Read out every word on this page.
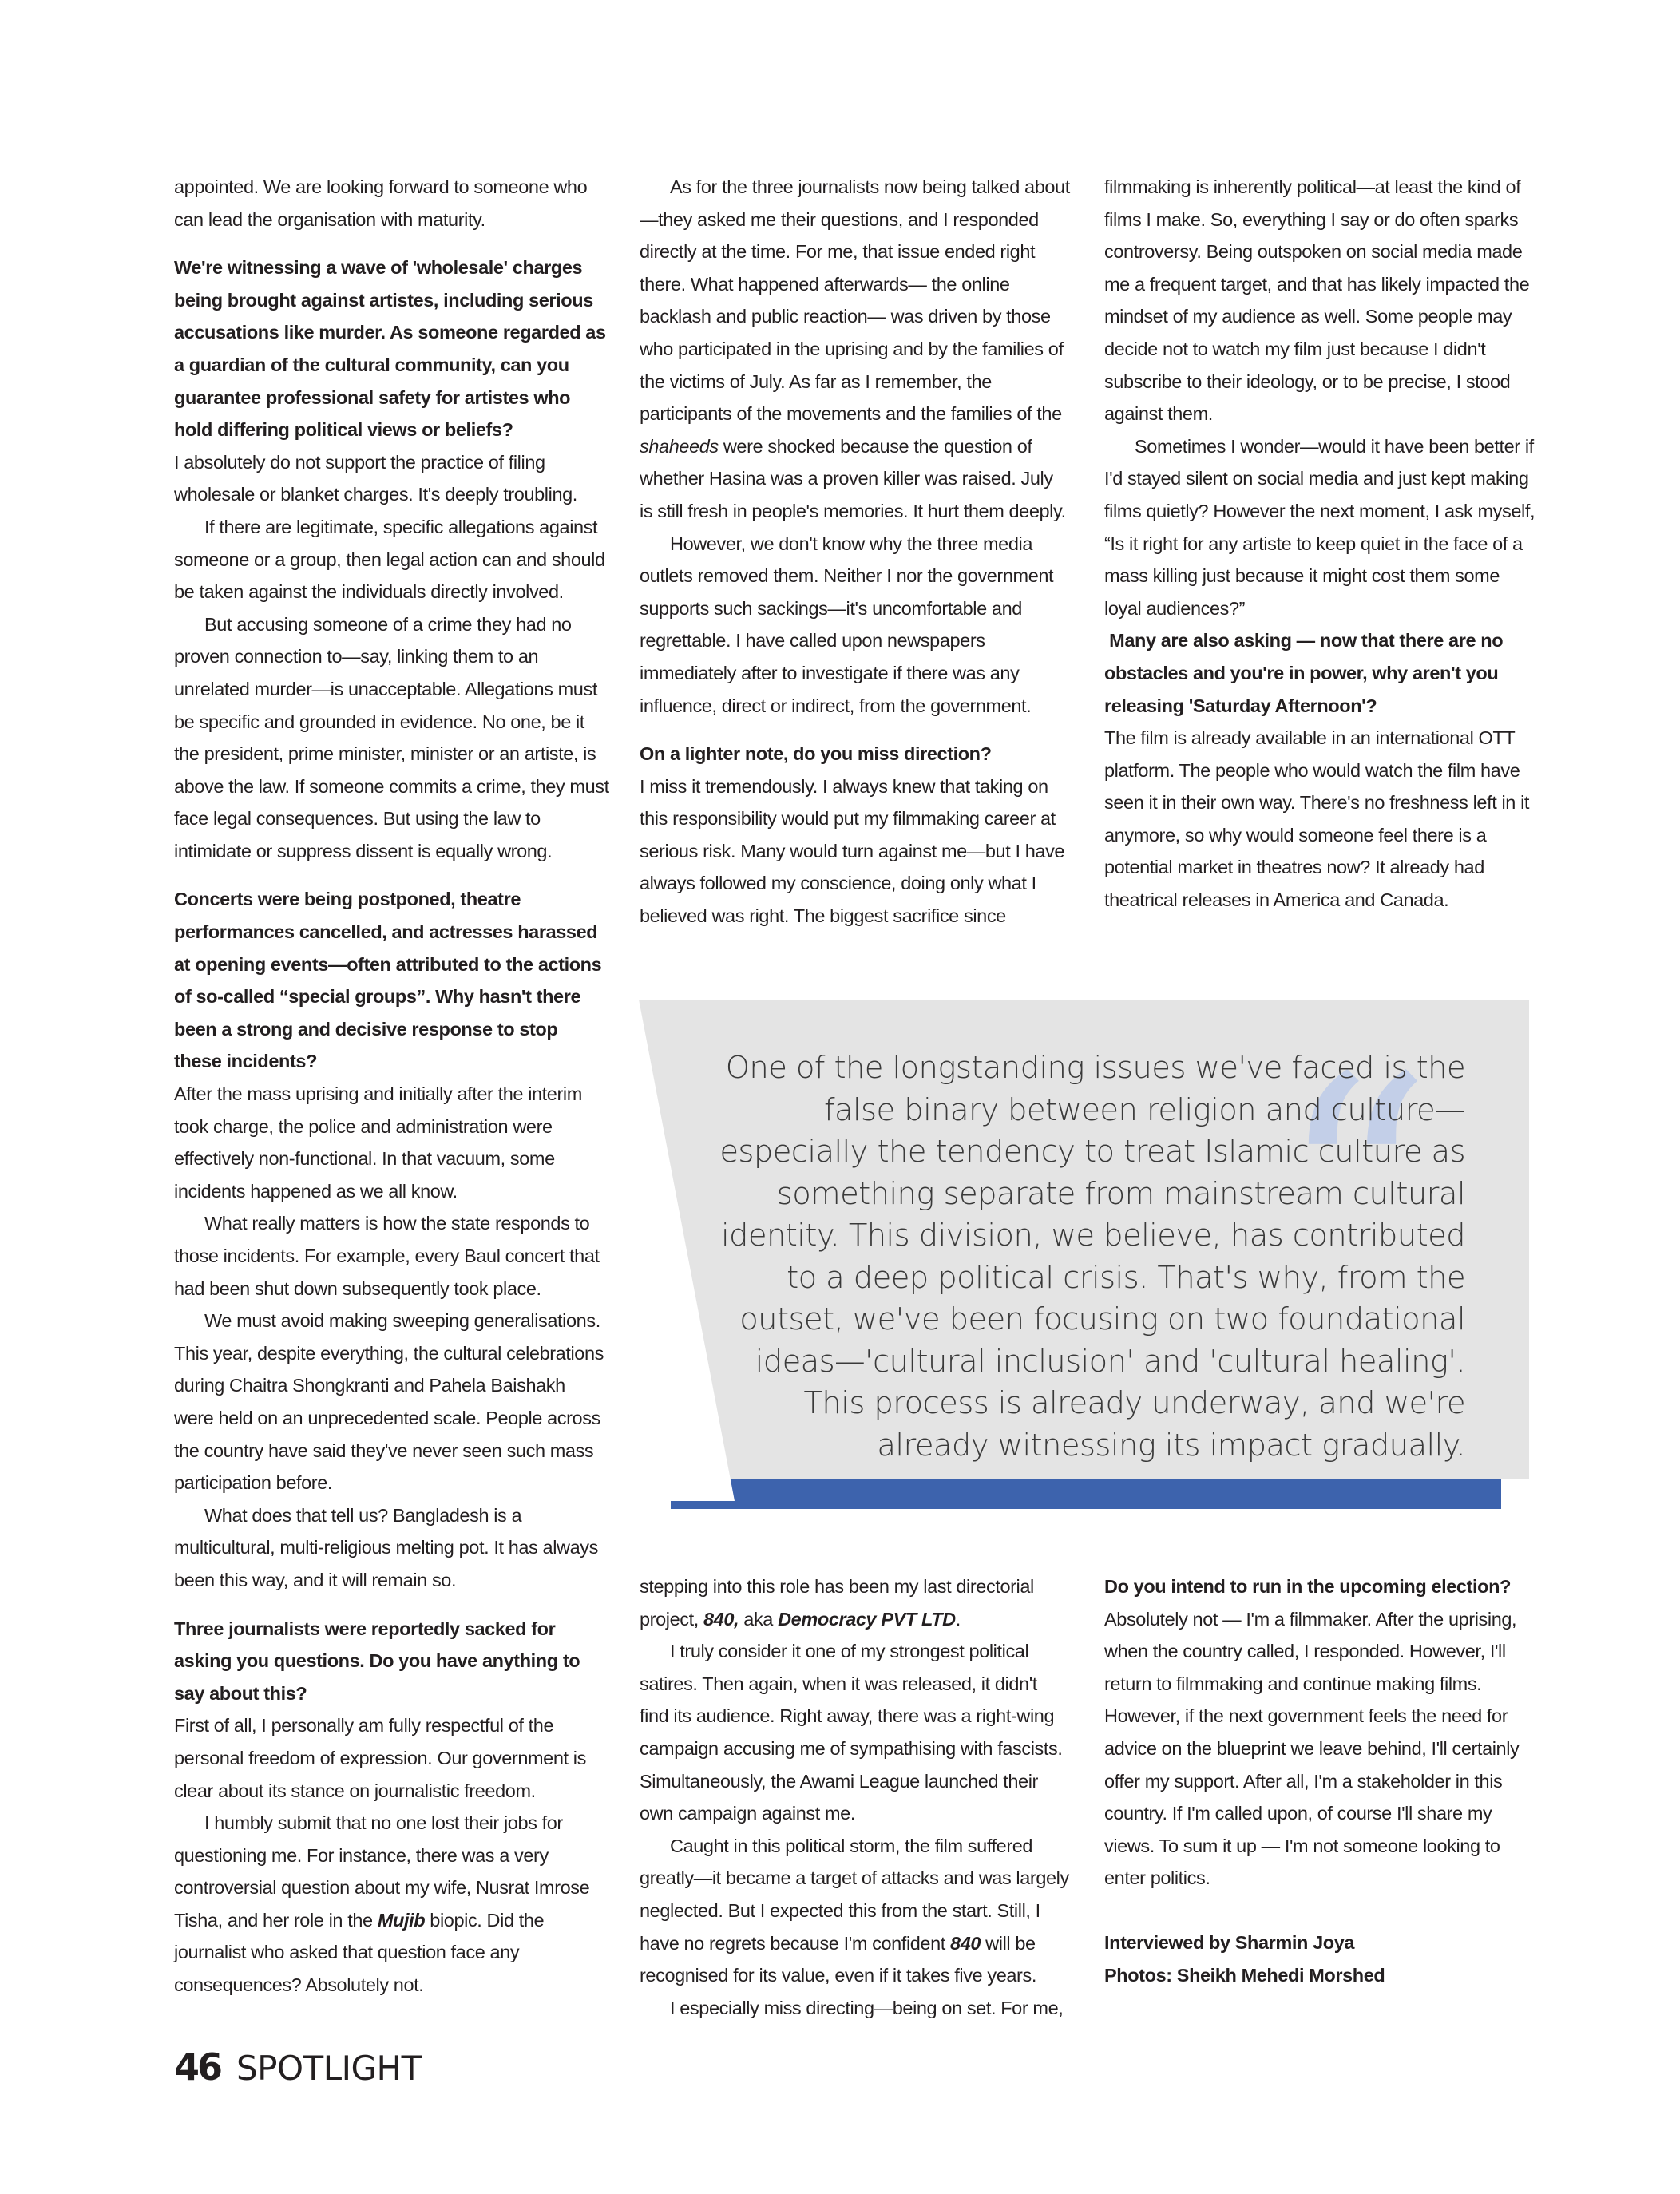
appointed. We are looking forward to someone who can lead the organisation with maturity.

We're witnessing a wave of 'wholesale' charges being brought against artistes, including serious accusations like murder. As someone regarded as a guardian of the cultural community, can you guarantee professional safety for artistes who hold differing political views or beliefs?

I absolutely do not support the practice of filing wholesale or blanket charges. It's deeply troubling.

If there are legitimate, specific allegations against someone or a group, then legal action can and should be taken against the individuals directly involved.

But accusing someone of a crime they had no proven connection to—say, linking them to an unrelated murder—is unacceptable. Allegations must be specific and grounded in evidence. No one, be it the president, prime minister, minister or an artiste, is above the law. If someone commits a crime, they must face legal consequences. But using the law to intimidate or suppress dissent is equally wrong.

Concerts were being postponed, theatre performances cancelled, and actresses harassed at opening events—often attributed to the actions of so-called “special groups”. Why hasn't there been a strong and decisive response to stop these incidents?

After the mass uprising and initially after the interim took charge, the police and administration were effectively non-functional. In that vacuum, some incidents happened as we all know.

What really matters is how the state responds to those incidents. For example, every Baul concert that had been shut down subsequently took place.

We must avoid making sweeping generalisations. This year, despite everything, the cultural celebrations during Chaitra Shongkranti and Pahela Baishakh were held on an unprecedented scale. People across the country have said they've never seen such mass participation before.

What does that tell us? Bangladesh is a multicultural, multi-religious melting pot. It has always been this way, and it will remain so.

Three journalists were reportedly sacked for asking you questions. Do you have anything to say about this?

First of all, I personally am fully respectful of the personal freedom of expression. Our government is clear about its stance on journalistic freedom.

I humbly submit that no one lost their jobs for questioning me. For instance, there was a very controversial question about my wife, Nusrat Imrose Tisha, and her role in the Mujib biopic. Did the journalist who asked that question face any consequences? Absolutely not.

As for the three journalists now being talked about—they asked me their questions, and I responded directly at the time. For me, that issue ended right there. What happened afterwards— the online backlash and public reaction— was driven by those who participated in the uprising and by the families of the victims of July. As far as I remember, the participants of the movements and the families of the shaheeds were shocked because the question of whether Hasina was a proven killer was raised. July is still fresh in people's memories. It hurt them deeply.

However, we don't know why the three media outlets removed them. Neither I nor the government supports such sackings—it's uncomfortable and regrettable. I have called upon newspapers immediately after to investigate if there was any influence, direct or indirect, from the government.

On a lighter note, do you miss direction?

I miss it tremendously. I always knew that taking on this responsibility would put my filmmaking career at serious risk. Many would turn against me—but I have always followed my conscience, doing only what I believed was right. The biggest sacrifice since

filmmaking is inherently political—at least the kind of films I make. So, everything I say or do often sparks controversy. Being outspoken on social media made me a frequent target, and that has likely impacted the mindset of my audience as well. Some people may decide not to watch my film just because I didn't subscribe to their ideology, or to be precise, I stood against them.

Sometimes I wonder—would it have been better if I'd stayed silent on social media and just kept making films quietly? However the next moment, I ask myself, “Is it right for any artiste to keep quiet in the face of a mass killing just because it might cost them some loyal audiences?”

Many are also asking — now that there are no obstacles and you're in power, why aren't you releasing 'Saturday Afternoon'?

The film is already available in an international OTT platform. The people who would watch the film have seen it in their own way. There's no freshness left in it anymore, so why would someone feel there is a potential market in theatres now? It already had theatrical releases in America and Canada.

“
One of the longstanding issues we've faced is the false binary between religion and culture—especially the tendency to treat Islamic culture as something separate from mainstream cultural identity. This division, we believe, has contributed to a deep political crisis. That's why, from the outset, we've been focusing on two foundational ideas—'cultural inclusion' and 'cultural healing'. This process is already underway, and we're already witnessing its impact gradually.

stepping into this role has been my last directorial project, 840, aka Democracy PVT LTD.

I truly consider it one of my strongest political satires. Then again, when it was released, it didn't find its audience. Right away, there was a right-wing campaign accusing me of sympathising with fascists. Simultaneously, the Awami League launched their own campaign against me.

Caught in this political storm, the film suffered greatly—it became a target of attacks and was largely neglected. But I expected this from the start. Still, I have no regrets because I'm confident 840 will be recognised for its value, even if it takes five years.

I especially miss directing—being on set. For me,

Do you intend to run in the upcoming election?

Absolutely not — I'm a filmmaker. After the uprising, when the country called, I responded. However, I'll return to filmmaking and continue making films. However, if the next government feels the need for advice on the blueprint we leave behind, I'll certainly offer my support. After all, I'm a stakeholder in this country. If I'm called upon, of course I'll share my views. To sum it up — I'm not someone looking to enter politics.

Interviewed by Sharmin Joya

Photos: Sheikh Mehedi Morshed

46 SPOTLIGHT
